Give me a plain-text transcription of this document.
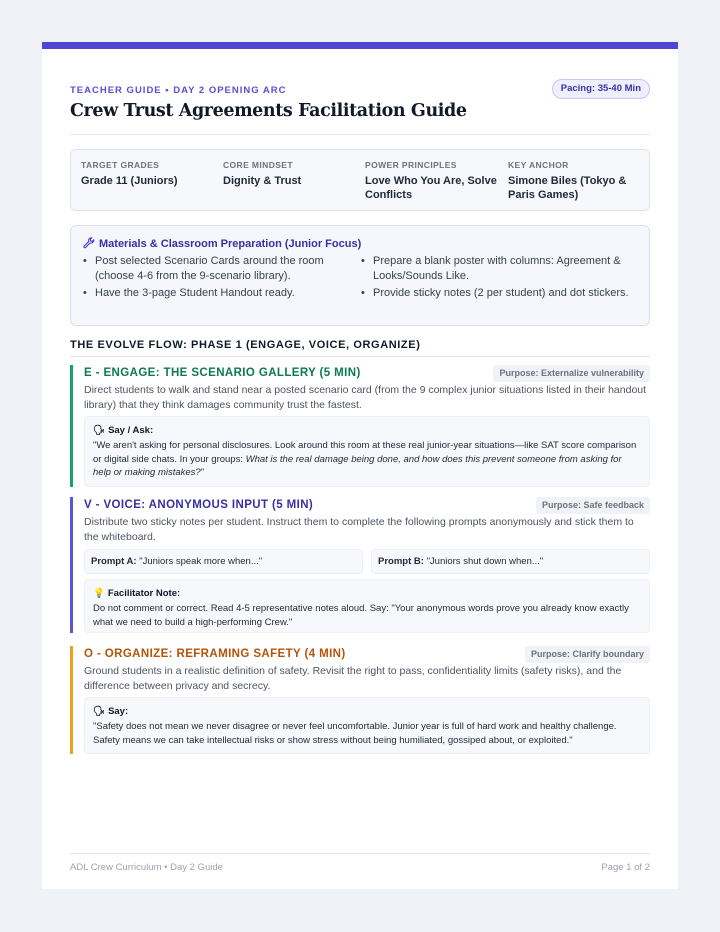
TEACHER GUIDE • DAY 2 OPENING ARC
Crew Trust Agreements Facilitation Guide
Pacing: 35-40 Min
TARGET GRADES
Grade 11 (Juniors)
CORE MINDSET
Dignity & Trust
POWER PRINCIPLES
Love Who You Are, Solve Conflicts
KEY ANCHOR
Simone Biles (Tokyo & Paris Games)
Materials & Classroom Preparation (Junior Focus)
• Post selected Scenario Cards around the room (choose 4-6 from the 9-scenario library).
• Have the 3-page Student Handout ready.
• Prepare a blank poster with columns: Agreement & Looks/Sounds Like.
• Provide sticky notes (2 per student) and dot stickers.
THE EVOLVE FLOW: PHASE 1 (ENGAGE, VOICE, ORGANIZE)
E - ENGAGE: THE SCENARIO GALLERY (5 MIN)	Purpose: Externalize vulnerability
Direct students to walk and stand near a posted scenario card (from the 9 complex junior situations listed in their handout library) that they think damages community trust the fastest.
🗣 Say / Ask:
"We aren't asking for personal disclosures. Look around this room at these real junior-year situations—like SAT score comparison or digital side chats. In your groups: What is the real damage being done, and how does this prevent someone from asking for help or making mistakes?"
V - VOICE: ANONYMOUS INPUT (5 MIN)	Purpose: Safe feedback
Distribute two sticky notes per student. Instruct them to complete the following prompts anonymously and stick them to the whiteboard.
Prompt A: "Juniors speak more when..."	Prompt B: "Juniors shut down when..."
💡 Facilitator Note:
Do not comment or correct. Read 4-5 representative notes aloud. Say: "Your anonymous words prove you already know exactly what we need to build a high-performing Crew."
O - ORGANIZE: REFRAMING SAFETY (4 MIN)	Purpose: Clarify boundary
Ground students in a realistic definition of safety. Revisit the right to pass, confidentiality limits (safety risks), and the difference between privacy and secrecy.
🗣 Say:
"Safety does not mean we never disagree or never feel uncomfortable. Junior year is full of hard work and healthy challenge. Safety means we can take intellectual risks or show stress without being humiliated, gossiped about, or exploited."
ADL Crew Curriculum • Day 2 Guide	Page 1 of 2
